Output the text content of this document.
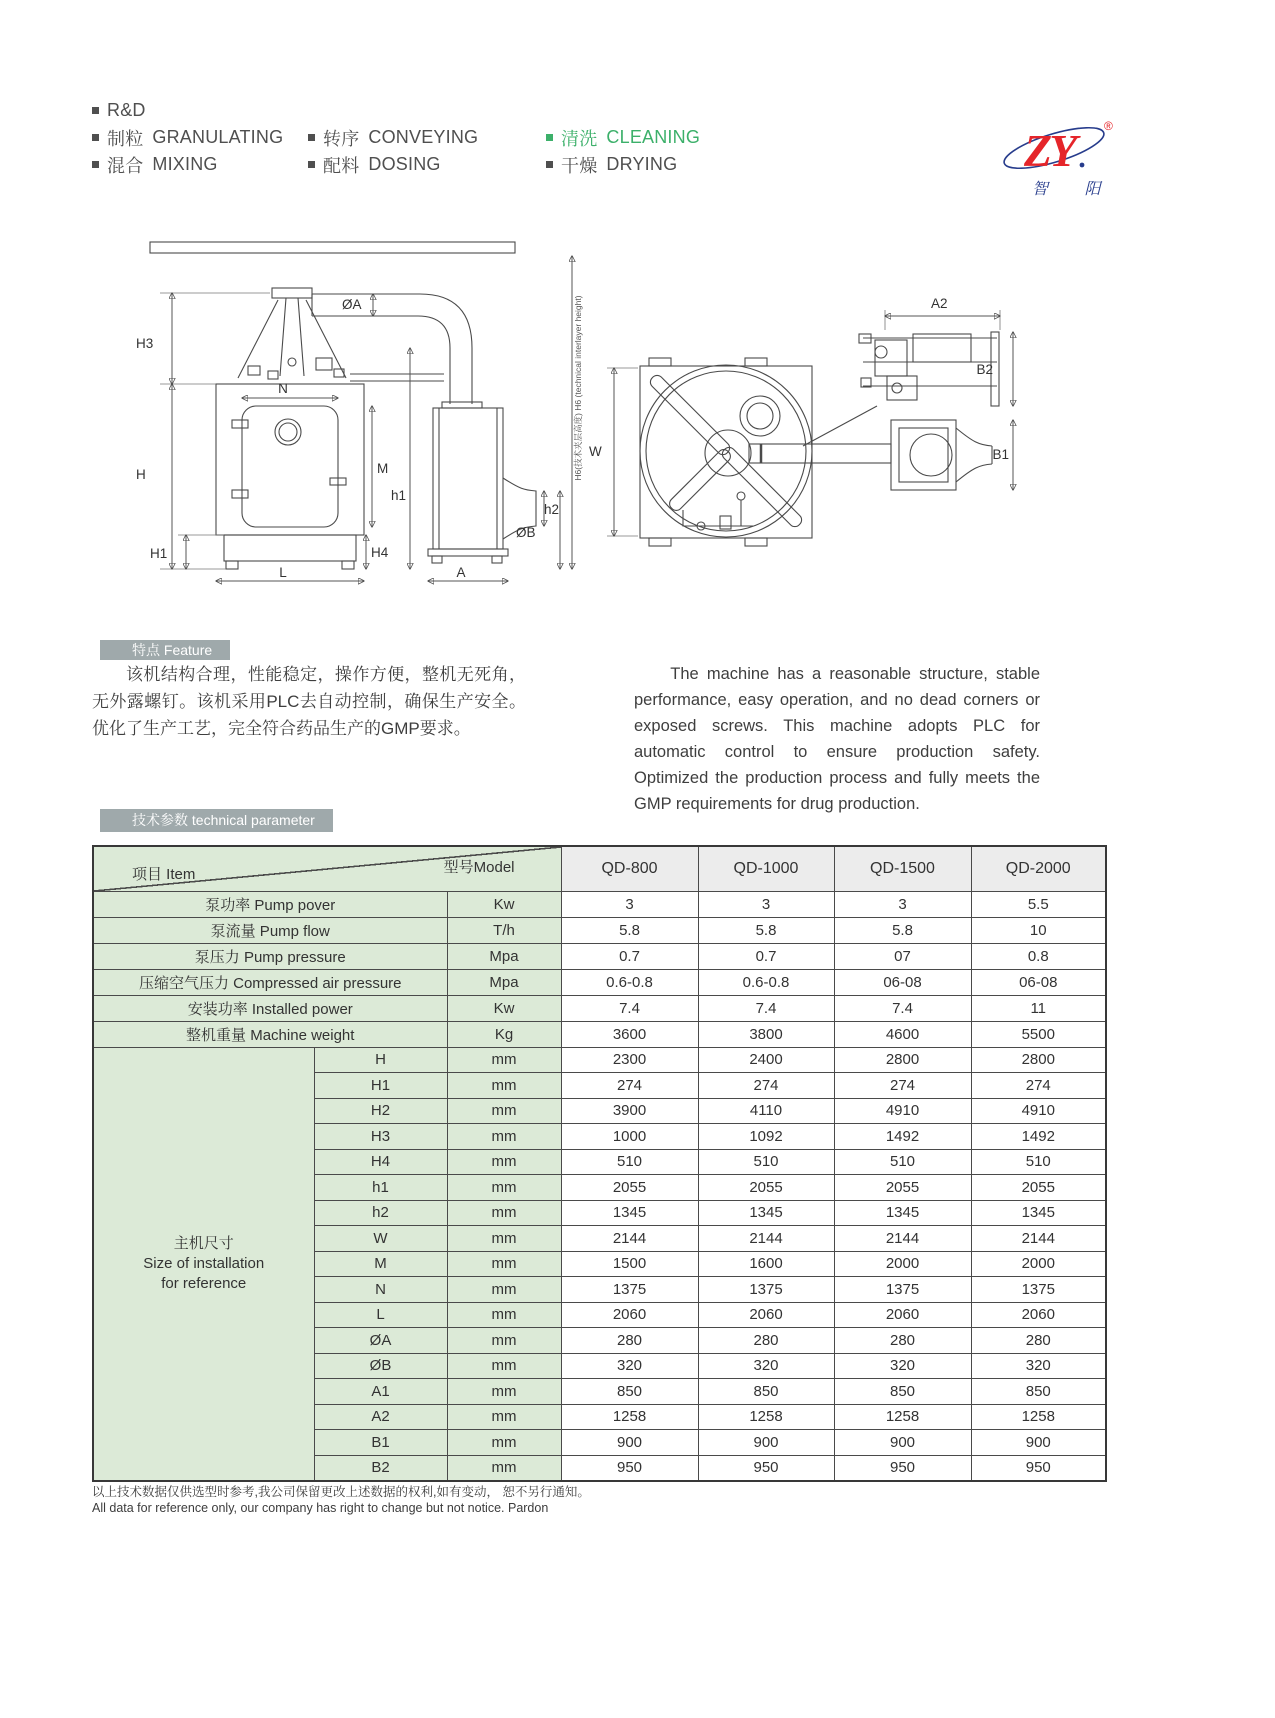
R&D
制粒 GRANULATING
混合 MIXING
转序 CONVEYING
配料 DOSING
清洗 CLEANING
干燥 DRYING	ZY	®
智 阳
H3
H
H1
N
M
H4
L	A
h1
h2
ØA
ØB
H6(技术夹层高度) H6 (technical interlayer height) W
A2
B2
B1
特点 Feature

该机结构合理，性能稳定，操作方便，整机无死角，无外露螺钉。该机采用PLC去自动控制，确保生产安全。优化了生产工艺，完全符合药品生产的GMP要求。

The machine has a reasonable structure, stable performance, easy operation, and no dead corners or exposed screws. This machine adopts PLC for automatic control to ensure production safety. Optimized the production process and fully meets the GMP requirements for drug production.

技术参数 technical parameter
项目 Item 型号Model			QD-800	QD-1000	QD-1500	QD-2000
泵功率 Pump pover		Kw	3	3	3	5.5
泵流量 Pump flow		T/h	5.8	5.8	5.8	10
泵压力 Pump pressure		Mpa	0.7	0.7	07	0.8
压缩空气压力 Compressed air pressure		Mpa	0.6-0.8	0.6-0.8	06-08	06-08
安装功率 Installed power		Kw	7.4	7.4	7.4	11
整机重量 Machine weight		Kg	3600	3800	4600	5500

主机尺寸
Size of installation
for reference	H	mm	2300	2400	2800	2800
	H1	mm	274	274	274	274
	H2	mm	3900	4110	4910	4910
	H3	mm	1000	1092	1492	1492
	H4	mm	510	510	510	510
	h1	mm	2055	2055	2055	2055
	h2	mm	1345	1345	1345	1345
	W	mm	2144	2144	2144	2144
	M	mm	1500	1600	2000	2000
	N	mm	1375	1375	1375	1375
	L	mm	2060	2060	2060	2060
	ØA	mm	280	280	280	280
	ØB	mm	320	320	320	320
	A1	mm	850	850	850	850
	A2	mm	1258	1258	1258	1258
	B1	mm	900	900	900	900
	B2	mm	950	950	950	950

以上技术数据仅供选型时参考,我公司保留更改上述数据的权利,如有变动， 恕不另行通知。

All data for reference only, our company has right to change but not notice. Pardon
